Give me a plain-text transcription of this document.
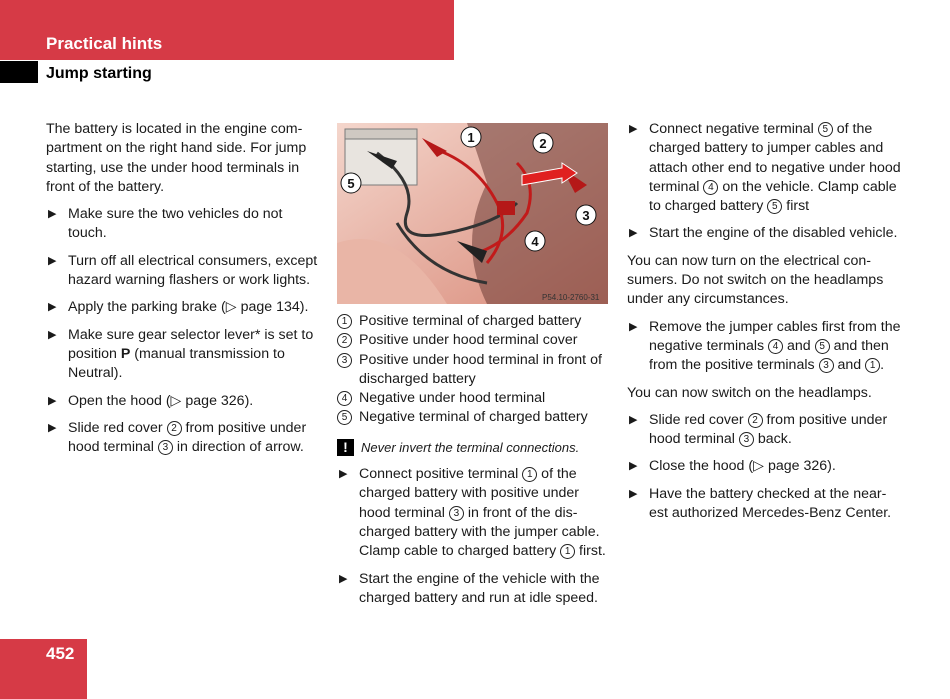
Practical hints
Jump starting

The battery is located in the engine com-partment on the right hand side. For jump starting, use the under hood terminals in front of the battery.

▶ Make sure the two vehicles do not touch.
▶ Turn off all electrical consumers, except hazard warning flashers or work lights.
▶ Apply the parking brake (▷ page 134).
▶ Make sure gear selector lever* is set to position P (manual transmission to Neutral).
▶ Open the hood (▷ page 326).
▶ Slide red cover 2 from positive under hood terminal 3 in direction of arrow.
1	2
3
4
5
P54.10-2760-31
1 Positive terminal of charged battery
2 Positive under hood terminal cover
3 Positive under hood terminal in front of discharged battery
4 Negative under hood terminal
5 Negative terminal of charged battery
!	Never invert the terminal connections.
▶ Connect positive terminal 1 of the charged battery with positive under hood terminal 3 in front of the dis-charged battery with the jumper cable. Clamp cable to charged battery 1 first.
▶ Start the engine of the vehicle with the charged battery and run at idle speed.
▶ Connect negative terminal 5 of the charged battery to jumper cables and attach other end to negative under hood terminal 4 on the vehicle. Clamp cable to charged battery 5 first
▶ Start the engine of the disabled vehicle.

You can now turn on the electrical con-sumers. Do not switch on the headlamps under any circumstances.

▶ Remove the jumper cables first from the negative terminals 4 and 5 and then from the positive terminals 3 and 1 .

You can now switch on the headlamps.

▶ Slide red cover 2 from positive under hood terminal 3 back.
▶ Close the hood (▷ page 326).
▶ Have the battery checked at the near-est authorized Mercedes-Benz Center.
452
